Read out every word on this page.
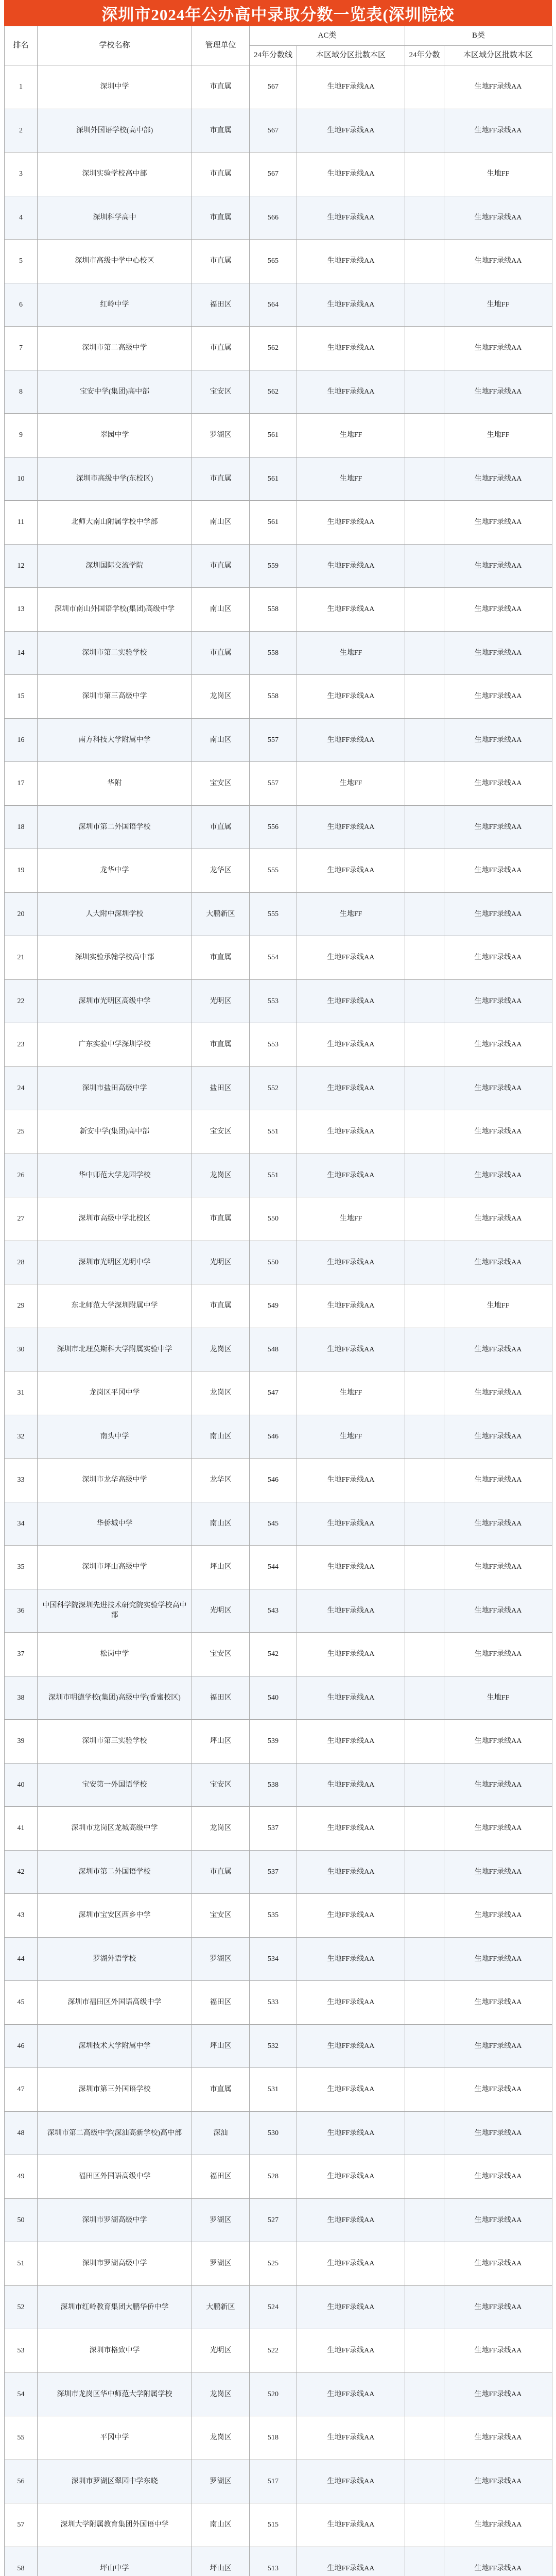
深圳市2024年公办高中录取分数一览表(深圳院校
排名	学校名称	管理单位	AC类		B类	
			24年分数线	本区域分区批数本区	24年分数	本区域分区批数本区
1	深圳中学	市直属	567	生地FF录线AA		生地FF录线AA
2	深圳外国语学校(高中部)	市直属	567	生地FF录线AA		生地FF录线AA
3	深圳实验学校高中部	市直属	567	生地FF录线AA		生地FF
4	深圳科学高中	市直属	566	生地FF录线AA		生地FF录线AA
5	深圳市高级中学中心校区	市直属	565	生地FF录线AA		生地FF录线AA
6	红岭中学	福田区	564	生地FF录线AA		生地FF
7	深圳市第二高级中学	市直属	562	生地FF录线AA		生地FF录线AA
8	宝安中学(集团)高中部	宝安区	562	生地FF录线AA		生地FF录线AA
9	翠园中学	罗湖区	561	生地FF		生地FF
10	深圳市高级中学(东校区)	市直属	561	生地FF		生地FF录线AA
11	北师大南山附属学校中学部	南山区	561	生地FF录线AA		生地FF录线AA
12	深圳国际交流学院	市直属	559	生地FF录线AA		生地FF录线AA
13	深圳市南山外国语学校(集团)高级中学	南山区	558	生地FF录线AA		生地FF录线AA
14	深圳市第二实验学校	市直属	558	生地FF		生地FF录线AA
15	深圳市第三高级中学	龙岗区	558	生地FF录线AA		生地FF录线AA
16	南方科技大学附属中学	南山区	557	生地FF录线AA		生地FF录线AA
17	华附	宝安区	557	生地FF		生地FF录线AA
18	深圳市第二外国语学校	市直属	556	生地FF录线AA		生地FF录线AA
19	龙华中学	龙华区	555	生地FF录线AA		生地FF录线AA
20	人大附中深圳学校	大鹏新区	555	生地FF		生地FF录线AA
21	深圳实验承翰学校高中部	市直属	554	生地FF录线AA		生地FF录线AA
22	深圳市光明区高级中学	光明区	553	生地FF录线AA		生地FF录线AA
23	广东实验中学深圳学校	市直属	553	生地FF录线AA		生地FF录线AA
24	深圳市盐田高级中学	盐田区	552	生地FF录线AA		生地FF录线AA
25	新安中学(集团)高中部	宝安区	551	生地FF录线AA		生地FF录线AA
26	华中师范大学龙园学校	龙岗区	551	生地FF录线AA		生地FF录线AA
27	深圳市高级中学北校区	市直属	550	生地FF		生地FF录线AA
28	深圳市光明区光明中学	光明区	550	生地FF录线AA		生地FF录线AA
29	东北师范大学深圳附属中学	市直属	549	生地FF录线AA		生地FF
30	深圳市北理莫斯科大学附属实验中学	龙岗区	548	生地FF录线AA		生地FF录线AA
31	龙岗区平冈中学	龙岗区	547	生地FF		生地FF录线AA
32	南头中学	南山区	546	生地FF		生地FF录线AA
33	深圳市龙华高级中学	龙华区	546	生地FF录线AA		生地FF录线AA
34	华侨城中学	南山区	545	生地FF录线AA		生地FF录线AA
35	深圳市坪山高级中学	坪山区	544	生地FF录线AA		生地FF录线AA
36	中国科学院深圳先进技术研究院实验学校高中部	光明区	543	生地FF录线AA		生地FF录线AA
37	松岗中学	宝安区	542	生地FF录线AA		生地FF录线AA
38	深圳市明德学校(集团)高级中学(香蜜校区)	福田区	540	生地FF录线AA		生地FF
39	深圳市第三实验学校	坪山区	539	生地FF录线AA		生地FF录线AA
40	宝安第一外国语学校	宝安区	538	生地FF录线AA		生地FF录线AA
41	深圳市龙岗区龙城高级中学	龙岗区	537	生地FF录线AA		生地FF录线AA
42	深圳市第二外国语学校	市直属	537	生地FF录线AA		生地FF录线AA
43	深圳市宝安区西乡中学	宝安区	535	生地FF录线AA		生地FF录线AA
44	罗湖外语学校	罗湖区	534	生地FF录线AA		生地FF录线AA
45	深圳市福田区外国语高级中学	福田区	533	生地FF录线AA		生地FF录线AA
46	深圳技术大学附属中学	坪山区	532	生地FF录线AA		生地FF录线AA
47	深圳市第三外国语学校	市直属	531	生地FF录线AA		生地FF录线AA
48	深圳市第二高级中学(深汕高新学校)高中部	深汕	530	生地FF录线AA		生地FF录线AA
49	福田区外国语高级中学	福田区	528	生地FF录线AA		生地FF录线AA
50	深圳市罗湖高级中学	罗湖区	527	生地FF录线AA		生地FF录线AA
51	深圳市罗湖高级中学	罗湖区	525	生地FF录线AA		生地FF录线AA
52	深圳市红岭教育集团大鹏华侨中学	大鹏新区	524	生地FF录线AA		生地FF录线AA
53	深圳市格致中学	光明区	522	生地FF录线AA		生地FF录线AA
54	深圳市龙岗区华中师范大学附属学校	龙岗区	520	生地FF录线AA		生地FF录线AA
55	平冈中学	龙岗区	518	生地FF录线AA		生地FF录线AA
56	深圳市罗湖区翠园中学东晓	罗湖区	517	生地FF录线AA		生地FF录线AA
57	深圳大学附属教育集团外国语中学	南山区	515	生地FF录线AA		生地FF录线AA
58	坪山中学	坪山区	513	生地FF录线AA		生地FF录线AA
